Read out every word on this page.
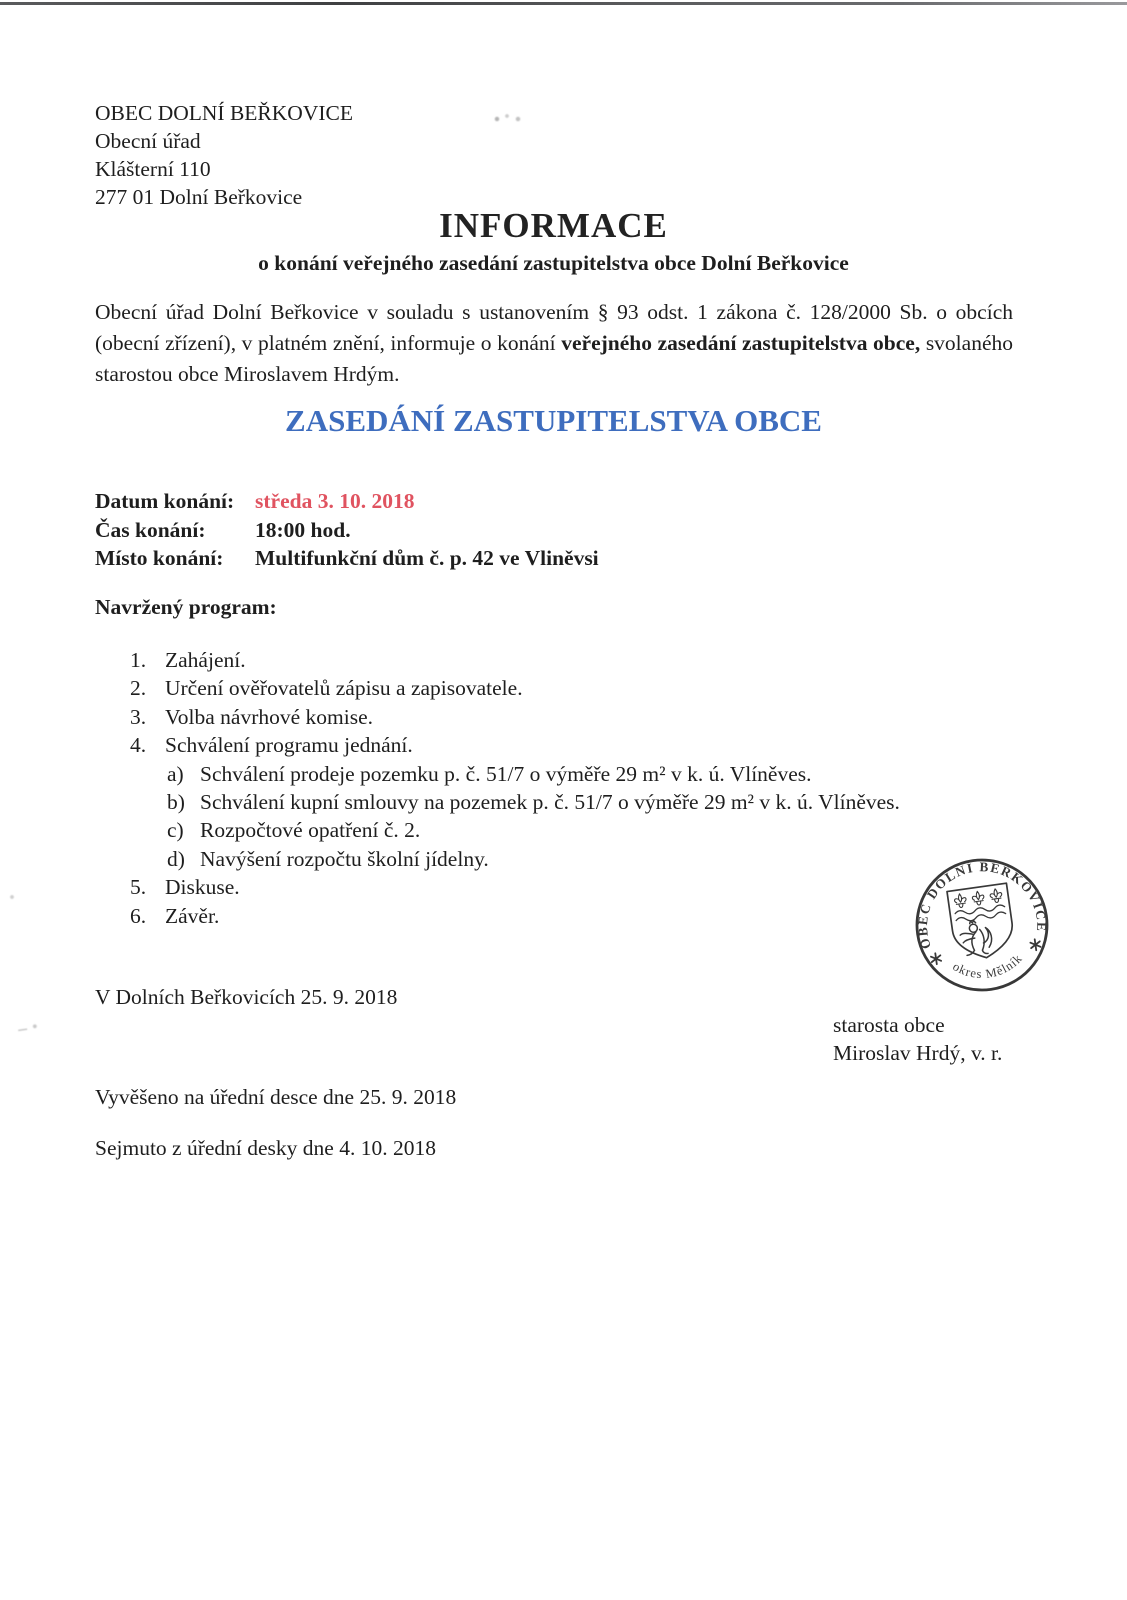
OBEC DOLNÍ BEŘKOVICE
Obecní úřad
Klášterní 110
277 01 Dolní Beřkovice
INFORMACE
o konání veřejného zasedání zastupitelstva obce Dolní Beřkovice

Obecní úřad Dolní Beřkovice v souladu s ustanovením § 93 odst. 1 zákona č. 128/2000 Sb. o obcích (obecní zřízení), v platném znění, informuje o konání veřejného zasedání zastupitelstva obce, svolaného starostou obce Miroslavem Hrdým.

ZASEDÁNÍ ZASTUPITELSTVA OBCE
Datum konání: středa 3. 10. 2018
Čas konání: 18:00 hod.
Místo konání: Multifunkční dům č. p. 42 ve Vliněvsi
Navržený program:
1. Zahájení.
2. Určení ověřovatelů zápisu a zapisovatele.
3. Volba návrhové komise.
4. Schválení programu jednání.
a) Schválení prodeje pozemku p. č. 51/7 o výměře 29 m² v k. ú. Vlíněves.
b) Schválení kupní smlouvy na pozemek p. č. 51/7 o výměře 29 m² v k. ú. Vlíněves.
c) Rozpočtové opatření č. 2.
d) Navýšení rozpočtu školní jídelny.
5. Diskuse.
6. Závěr.
OBEC DOLNÍ BEŘKOVICE
okres Mělník
V Dolních Beřkovicích 25. 9. 2018
starosta obce
Miroslav Hrdý, v. r.
Vyvěšeno na úřední desce dne 25. 9. 2018
Sejmuto z úřední desky dne 4. 10. 2018
